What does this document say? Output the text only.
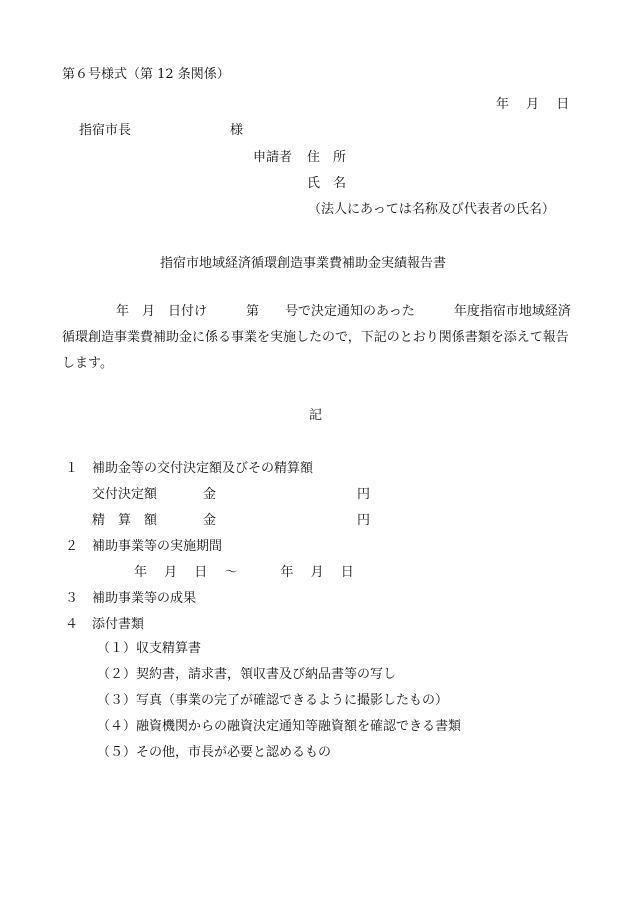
第６号様式（第 12 条関係）
年　 月　 日
指宿市長	様
申請者 住　所
氏　名
（法人にあっては名称及び代表者の氏名）
指宿市地域経済循環創造事業費補助金実績報告書
年　月　日付け　　　第　　号で決定通知のあった　　　年度指宿市地域経済循環創造事業費補助金に係る事業を実施したので，下記のとおり関係書類を添えて報告します。
記
１ 補助金等の交付決定額及びその精算額
交付決定額	金	円
精　算　額	金	円
２ 補助事業等の実施期間
年　 月　 日　 〜　　　 年　 月　 日
３ 補助事業等の成果
４ 添付書類
（１）収支精算書
（２）契約書，請求書，領収書及び納品書等の写し
（３）写真（事業の完了が確認できるように撮影したもの）
（４）融資機関からの融資決定通知等融資額を確認できる書類
（５）その他，市長が必要と認めるもの
